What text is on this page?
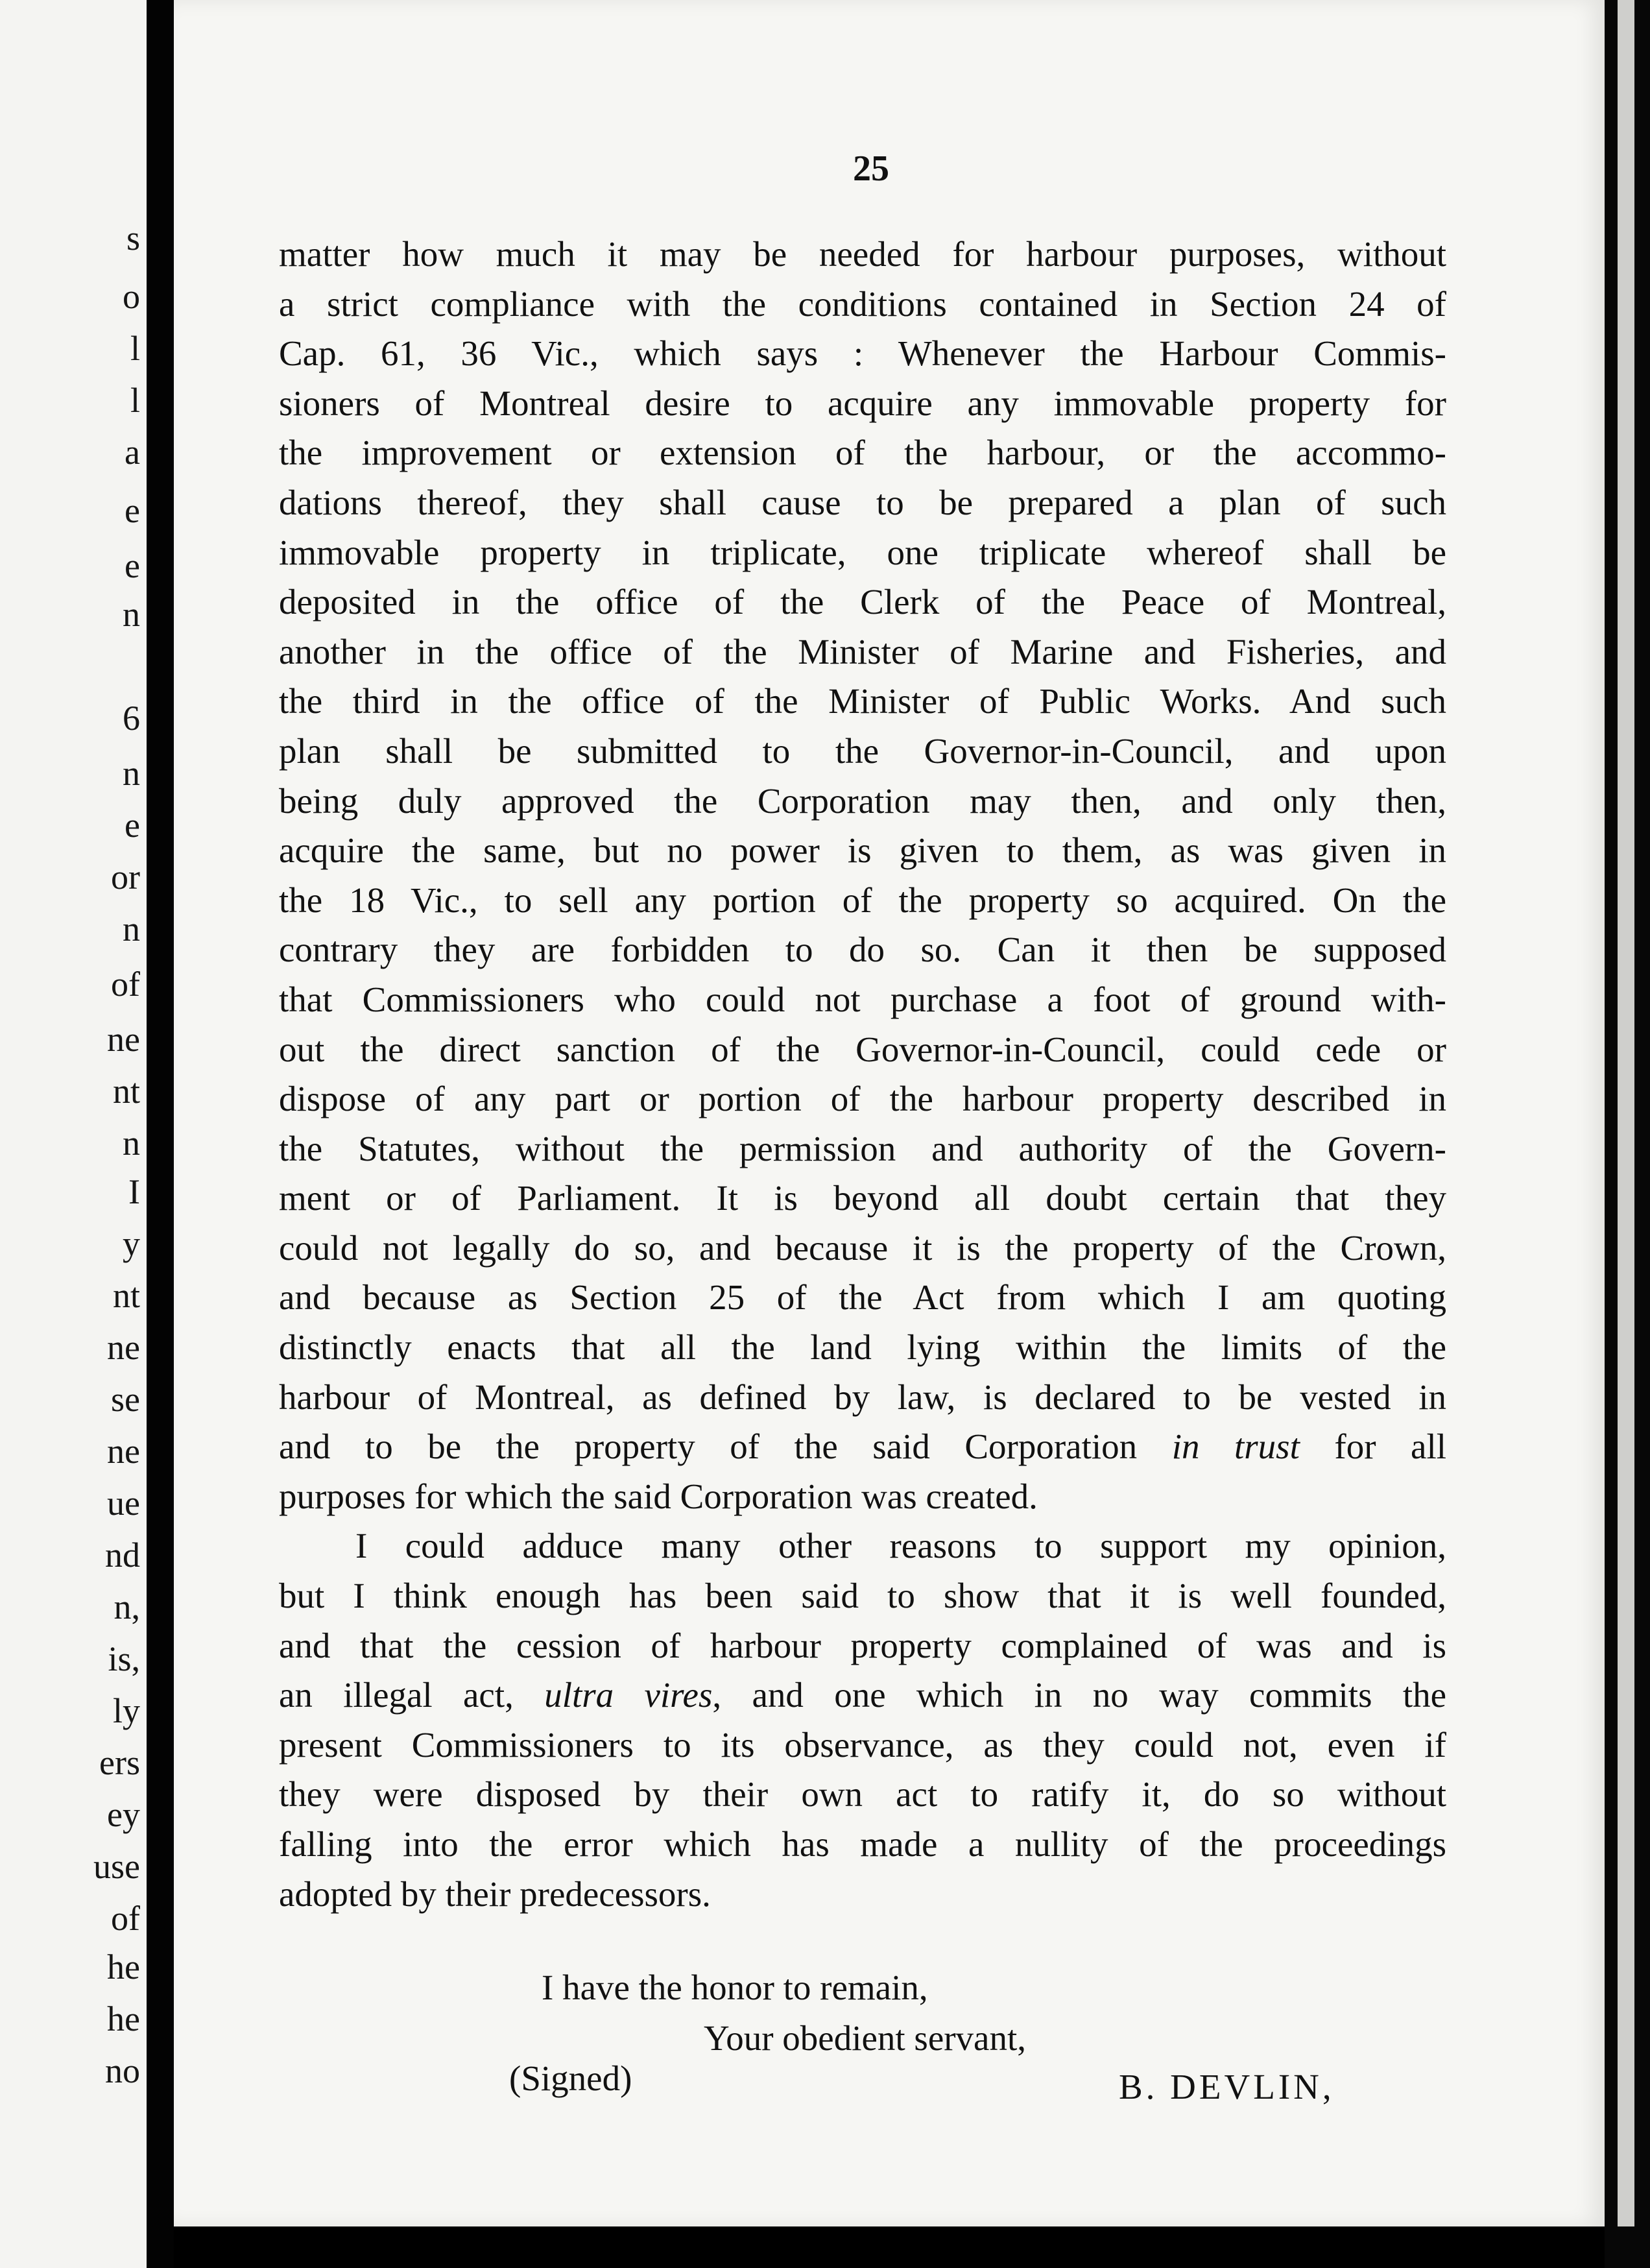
s
o
l
l
a
e
e
n
6
n
e
or
n
of
ne
nt
n
I
y
nt
ne
se
ne
ue
nd
n,
is,
ly
ers
ey
use
of
he
he
no
25
matter how much it may be needed for harbour purposes, without
a strict compliance with the conditions contained in Section 24 of
Cap. 61, 36 Vic., which says : Whenever the Harbour Commis-
sioners of Montreal desire to acquire any immovable property for
the improvement or extension of the harbour, or the accommo-
dations thereof, they shall cause to be prepared a plan of such
immovable property in triplicate, one triplicate whereof shall be
deposited in the office of the Clerk of the Peace of Montreal,
another in the office of the Minister of Marine and Fisheries, and
the third in the office of the Minister of Public Works. And such
plan shall be submitted to the Governor-in-Council, and upon
being duly approved the Corporation may then, and only then,
acquire the same, but no power is given to them, as was given in
the 18 Vic., to sell any portion of the property so acquired. On the
contrary they are forbidden to do so. Can it then be supposed
that Commissioners who could not purchase a foot of ground with-
out the direct sanction of the Governor-in-Council, could cede or
dispose of any part or portion of the harbour property described in
the Statutes, without the permission and authority of the Govern-
ment or of Parliament. It is beyond all doubt certain that they
could not legally do so, and because it is the property of the Crown,
and because as Section 25 of the Act from which I am quoting
distinctly enacts that all the land lying within the limits of the
harbour of Montreal, as defined by law, is declared to be vested in
and to be the property of the said Corporation in trust for all
purposes for which the said Corporation was created.
I could adduce many other reasons to support my opinion,
but I think enough has been said to show that it is well founded,
and that the cession of harbour property complained of was and is
an illegal act, ultra vires, and one which in no way commits the
present Commissioners to its observance, as they could not, even if
they were disposed by their own act to ratify it, do so without
falling into the error which has made a nullity of the proceedings
adopted by their predecessors.
I have the honor to remain,
Your obedient servant,
(Signed)	B. DEVLIN,
